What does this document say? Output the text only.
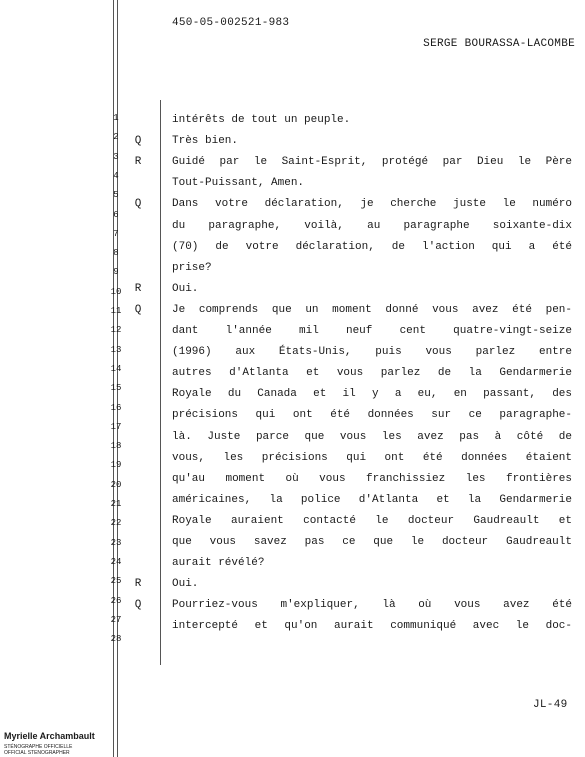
450-05-002521-983
SERGE BOURASSA-LACOMBE
1	intérêts de tout un peuple.
2	Q	Très bien.
3	R	Guidé par le Saint-Esprit, protégé par Dieu le Père
4
Tout-Puissant, Amen.
5
Q	Dans votre déclaration, je cherche juste le numéro
6
du paragraphe, voilà, au paragraphe soixante-dix
7
(70) de votre déclaration, de l'action qui a été
8
prise?
9
R	Oui.
10
Q	Je comprends que un moment donné vous avez été pen-
11
dant l'année mil neuf cent quatre-vingt-seize
12
(1996) aux États-Unis, puis vous parlez entre
13
autres d'Atlanta et vous parlez de la Gendarmerie
14
Royale du Canada et il y a eu, en passant, des
15
précisions qui ont été données sur ce paragraphe-
16
là. Juste parce que vous les avez pas à côté de
17
vous, les précisions qui ont été données étaient
18
qu'au moment où vous franchissiez les frontières
19
américaines, la police d'Atlanta et la Gendarmerie
20
Royale auraient contacté le docteur Gaudreault et
21
que vous savez pas ce que le docteur Gaudreault
22
aurait révélé?
23
R	Oui.
24
Q	Pourriez-vous m'expliquer, là où vous avez été
25
intercepté et qu'on aurait communiqué avec le doc-
26
27
28
JL-49
Myrielle Archambault
STÉNOGRAPHE OFFICIELLE
OFFICIAL STENOGRAPHER
